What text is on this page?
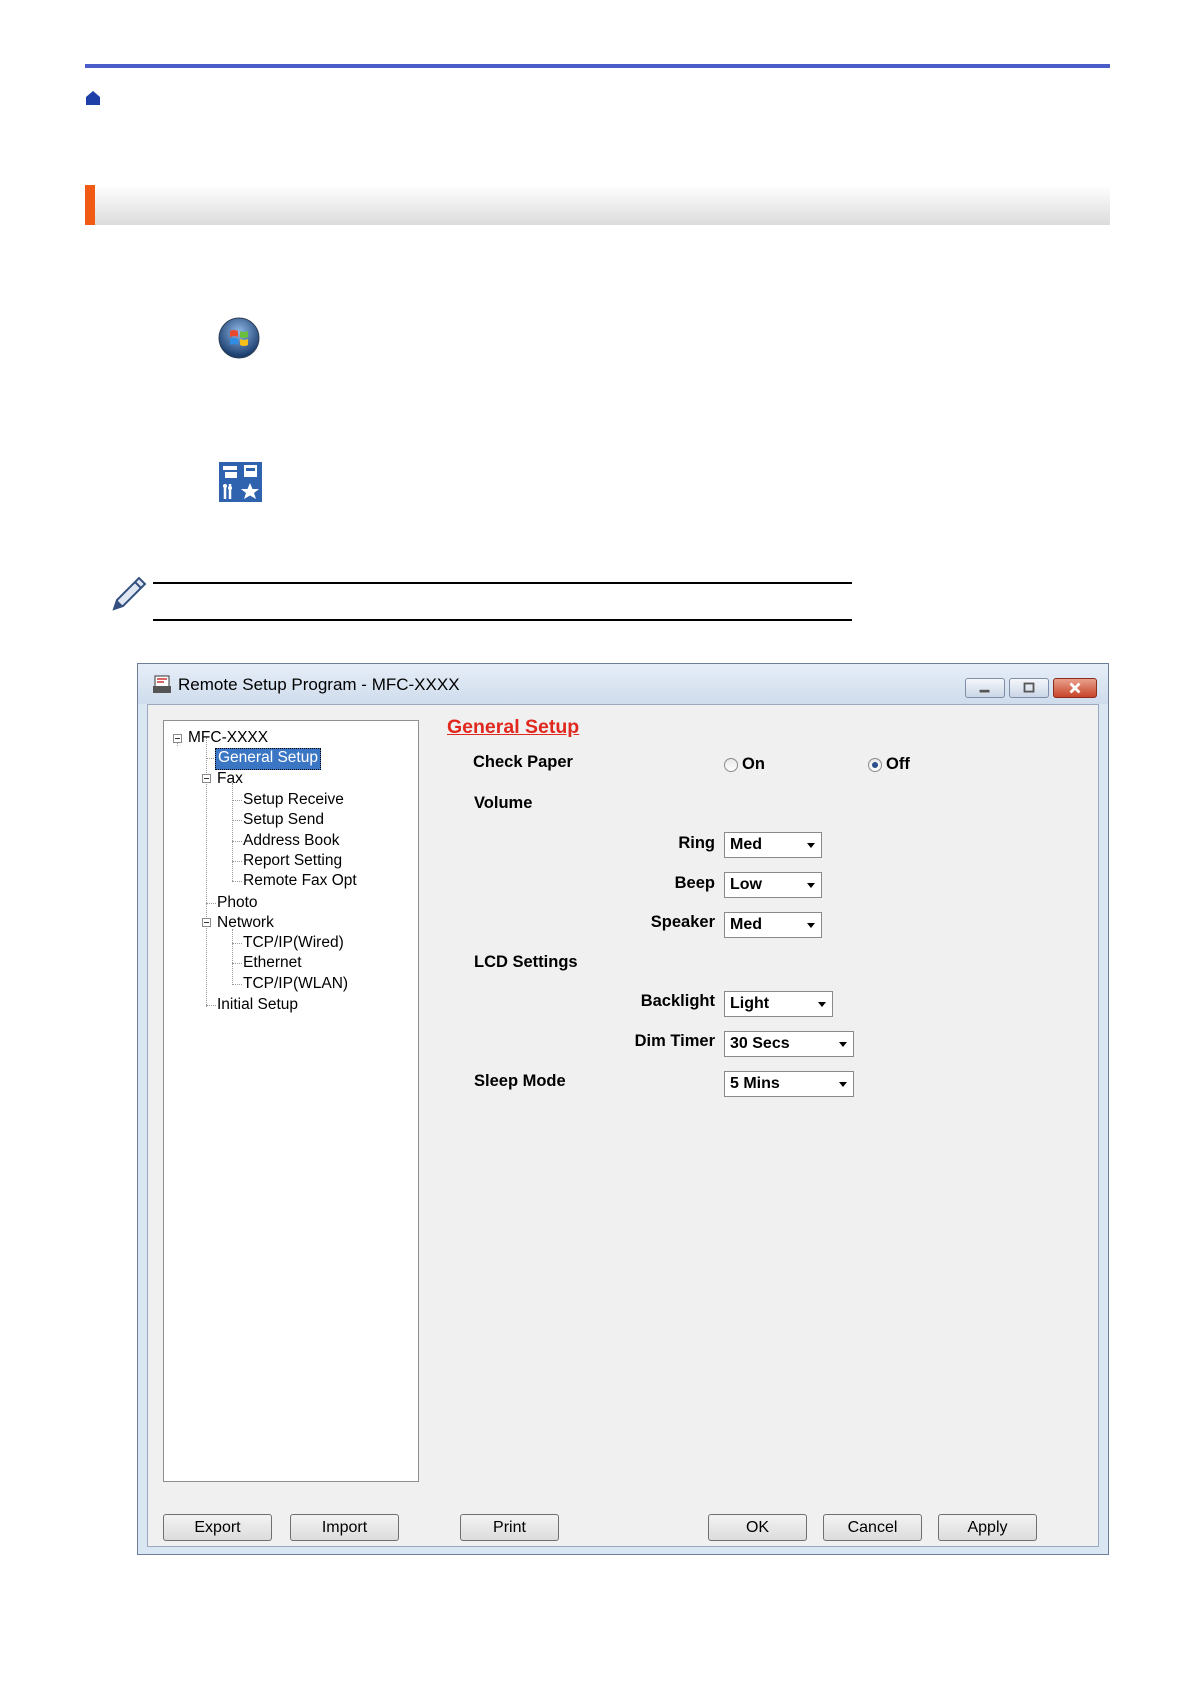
Remote Setup Program - MFC-XXXX
MFC-XXXX
General Setup
Fax
Setup Receive
Setup Send
Address Book
Report Setting
Remote Fax Opt
Photo
Network
TCP/IP(Wired)
Ethernet
TCP/IP(WLAN)
Initial Setup
General Setup
Check Paper	On	Off
Volume
Ring Med
Beep Low
Speaker Med
LCD Settings
Backlight Light
Dim Timer 30 Secs
Sleep Mode	5 Mins
Export	Import	Print	OK	Cancel	Apply
